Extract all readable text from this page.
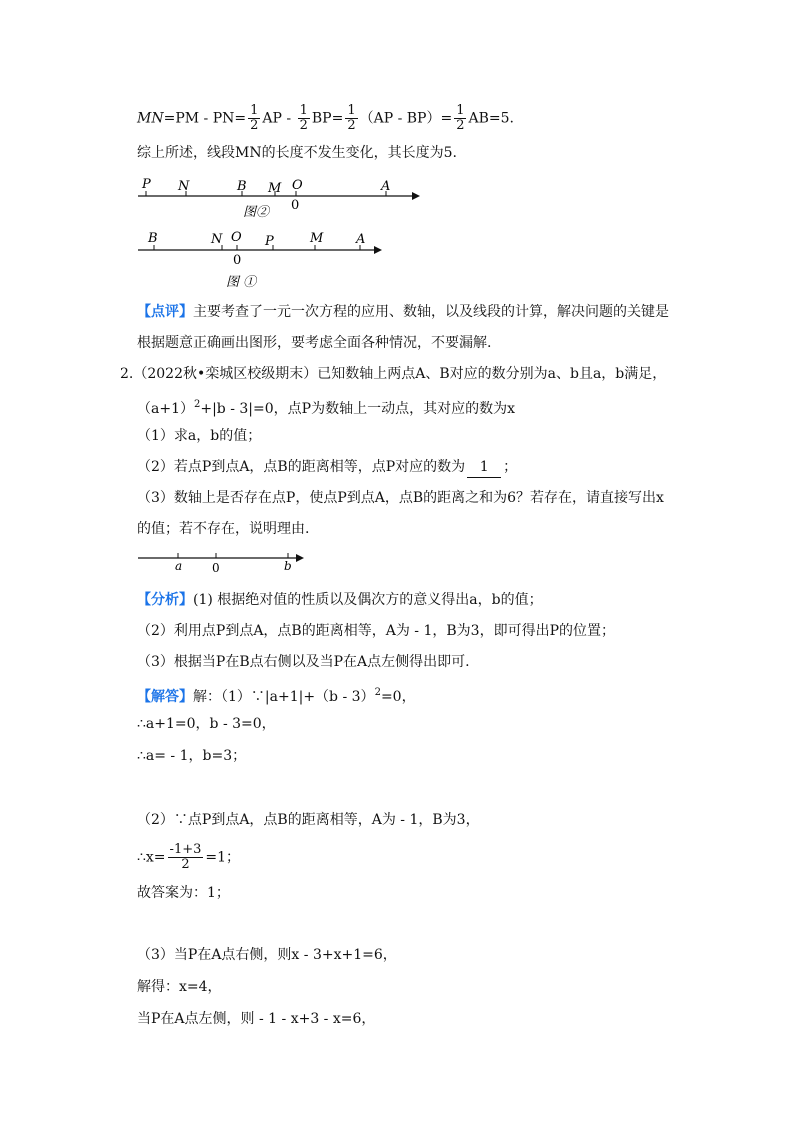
$MN=PM - PN= \frac{1}{2}$ AP - $\frac{1}{2} BP= \frac{1}{2} (AP - BP)= \frac{1}{2} AB=5$.
综上所述，线段MN的长度不发生变化，其长度为5.
P N	B M O	A
0
图②
B	N O P	M	A
0
图 ①
【点评】主要考查了一元一次方程的应用、数轴，以及线段的计算，解决问题的关键是
根据题意正确画出图形，要考虑全面各种情况，不要漏解.
2.（2022秋•栾城区校级期末）已知数轴上两点A、B对应的数分别为a、b且a，b满足，
$(a+1)^2+|b - 3|=0$，点P为数轴上一动点，其对应的数为x
（1）求a，b的值；
（2）若点P到点A，点B的距离相等，点P对应的数为 1 ；
（3）数轴上是否存在点P，使点P到点A，点B的距离之和为6？若存在，请直接写出x
的值；若不存在，说明理由.
a 0	b
【分析】(1) 根据绝对值的性质以及偶次方的意义得出a，b的值；
（2）利用点P到点A，点B的距离相等，A为 - 1，B为3，即可得出P的位置；
（3）根据当P在B点右侧以及当P在A点左侧得出即可.
【解答】解：（1）∵|a+1|+（b - 3）$^2$=0，
∴a+1=0，b - 3=0，
∴a= - 1，b=3；
（2）∵点P到点A，点B的距离相等，A为 - 1，B为3，
∴x= $\frac{-1+3}{2} =1$；
故答案为：1；
（3）当P在A点右侧，则x - 3+x+1=6，
解得：x=4，
当P在A点左侧，则 - 1 - x+3 - x=6，
